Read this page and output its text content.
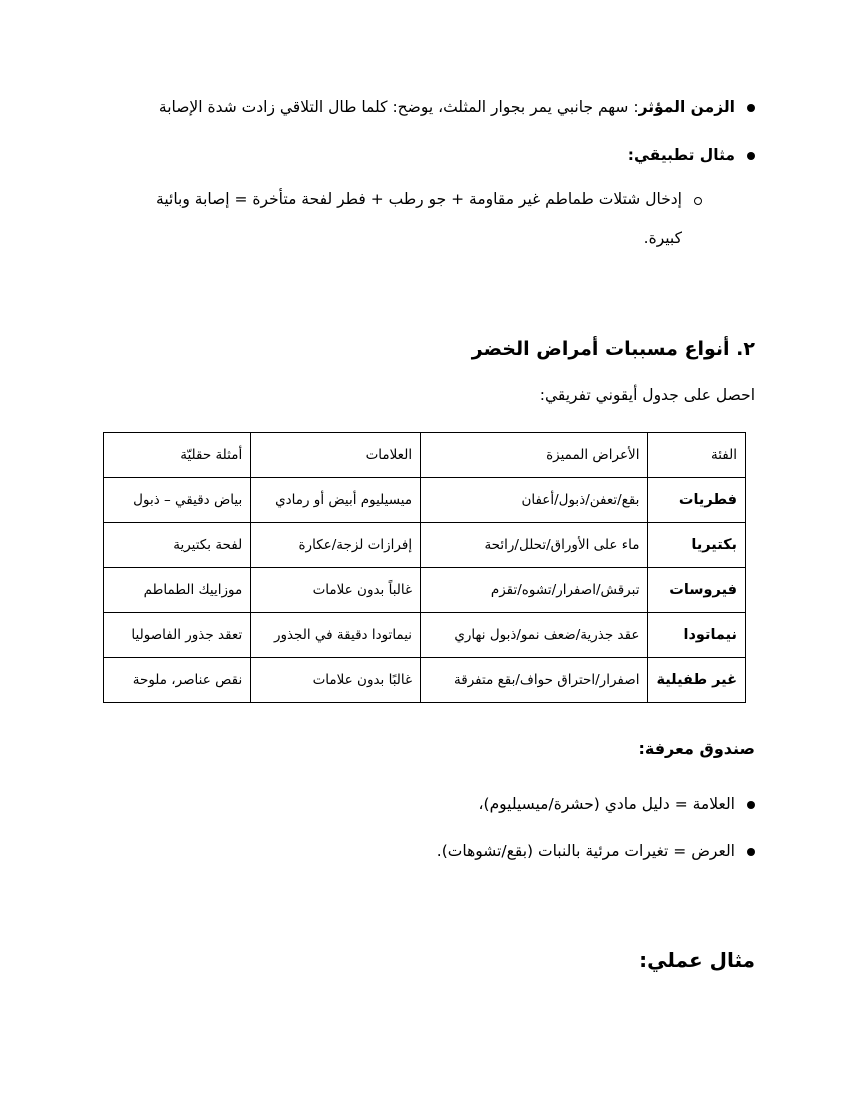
الزمن المؤثر: سهم جانبي يمر بجوار المثلث، يوضح: كلما طال التلاقي زادت شدة الإصابة
مثال تطبيقي:
إدخال شتلات طماطم غير مقاومة + جو رطب + فطر لفحة متأخرة = إصابة وبائية
كبيرة.
٢. أنواع مسببات أمراض الخضر
احصل على جدول أيقوني تفريقي:
الفئة	الأعراض المميزة	العلامات	أمثلة حقليّة
فطريات	بقع/تعفن/ذبول/أعفان	ميسيليوم أبيض أو رمادي	بياض دقيقي – ذبول
بكتيريا	ماء على الأوراق/تحلل/رائحة	إفرازات لزجة/عكارة	لفحة بكتيرية
فيروسات	تبرقش/اصفرار/تشوه/تقزم	غالباً بدون علامات	موزاييك الطماطم
نيماتودا	عقد جذرية/ضعف نمو/ذبول نهاري	نيماتودا دقيقة في الجذور	تعقد جذور الفاصوليا
غير طفيلية	اصفرار/احتراق حواف/بقع متفرقة	غالبًا بدون علامات	نقص عناصر، ملوحة
صندوق معرفة:
العلامة = دليل مادي (حشرة/ميسيليوم)،
العرض = تغيرات مرئية بالنبات (بقع/تشوهات).
مثال عملي:
